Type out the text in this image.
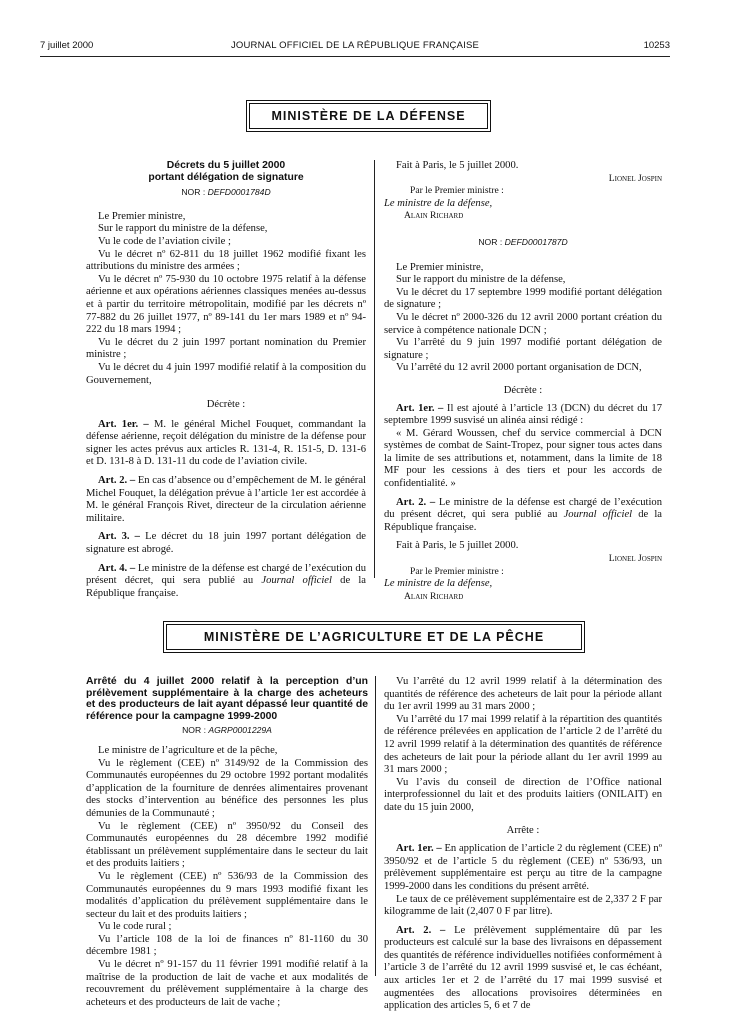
7 juillet 2000	JOURNAL OFFICIEL DE LA RÉPUBLIQUE FRANÇAISE	10253
MINISTÈRE DE LA DÉFENSE
Décrets du 5 juillet 2000
portant délégation de signature
NOR : DEFD0001784D

Le Premier ministre,

Sur le rapport du ministre de la défense,

Vu le code de l’aviation civile ;

Vu le décret nº 62-811 du 18 juillet 1962 modifié fixant les attributions du ministre des armées ;

Vu le décret nº 75-930 du 10 octobre 1975 relatif à la défense aérienne et aux opérations aériennes classiques menées au-dessus et à partir du territoire métropolitain, modifié par les décrets nº 77-882 du 26 juillet 1977, nº 89-141 du 1er mars 1989 et nº 94-222 du 18 mars 1994 ;

Vu le décret du 2 juin 1997 portant nomination du Premier ministre ;

Vu le décret du 4 juin 1997 modifié relatif à la composition du Gouvernement,

Décrète :

Art. 1er. – M. le général Michel Fouquet, commandant la défense aérienne, reçoit délégation du ministre de la défense pour signer les actes prévus aux articles R. 131-4, R. 151-5, D. 131-6 et D. 131-8 à D. 131-11 du code de l’aviation civile.

Art. 2. – En cas d’absence ou d’empêchement de M. le général Michel Fouquet, la délégation prévue à l’article 1er est accordée à M. le général François Rivet, directeur de la circulation aérienne militaire.

Art. 3. – Le décret du 18 juin 1997 portant délégation de signature est abrogé.

Art. 4. – Le ministre de la défense est chargé de l’exécution du présent décret, qui sera publié au Journal officiel de la République française.

Fait à Paris, le 5 juillet 2000.

Lionel Jospin

Par le Premier ministre :

Le ministre de la défense,

Alain Richard

NOR : DEFD0001787D

Le Premier ministre,

Sur le rapport du ministre de la défense,

Vu le décret du 17 septembre 1999 modifié portant délégation de signature ;

Vu le décret nº 2000-326 du 12 avril 2000 portant création du service à compétence nationale DCN ;

Vu l’arrêté du 9 juin 1997 modifié portant délégation de signature ;

Vu l’arrêté du 12 avril 2000 portant organisation de DCN,

Décrète :

Art. 1er. – Il est ajouté à l’article 13 (DCN) du décret du 17 septembre 1999 susvisé un alinéa ainsi rédigé :

« M. Gérard Woussen, chef du service commercial à DCN systèmes de combat de Saint-Tropez, pour signer tous actes dans la limite de ses attributions et, notamment, dans la limite de 18 MF pour les cessions à des tiers et pour les accords de confidentialité. »

Art. 2. – Le ministre de la défense est chargé de l’exécution du présent décret, qui sera publié au Journal officiel de la République française.

Fait à Paris, le 5 juillet 2000.

Lionel Jospin

Par le Premier ministre :

Le ministre de la défense,

Alain Richard

MINISTÈRE DE L’AGRICULTURE ET DE LA PÊCHE

Arrêté du 4 juillet 2000 relatif à la perception d’un prélèvement supplémentaire à la charge des acheteurs et des producteurs de lait ayant dépassé leur quantité de référence pour la campagne 1999-2000

NOR : AGRP0001229A

Le ministre de l’agriculture et de la pêche,

Vu le règlement (CEE) nº 3149/92 de la Commission des Communautés européennes du 29 octobre 1992 portant modalités d’application de la fourniture de denrées alimentaires provenant des stocks d’intervention au bénéfice des personnes les plus démunies de la Communauté ;

Vu le règlement (CEE) nº 3950/92 du Conseil des Communautés européennes du 28 décembre 1992 modifié établissant un prélèvement supplémentaire dans le secteur du lait et des produits laitiers ;

Vu le règlement (CEE) nº 536/93 de la Commission des Communautés européennes du 9 mars 1993 modifié fixant les modalités d’application du prélèvement supplémentaire dans le secteur du lait et des produits laitiers ;

Vu le code rural ;

Vu l’article 108 de la loi de finances nº 81-1160 du 30 décembre 1981 ;

Vu le décret nº 91-157 du 11 février 1991 modifié relatif à la maîtrise de la production de lait de vache et aux modalités de recouvrement du prélèvement supplémentaire à la charge des acheteurs et des producteurs de lait de vache ;

Vu l’arrêté du 12 avril 1999 relatif à la détermination des quantités de référence des acheteurs de lait pour la période allant du 1er avril 1999 au 31 mars 2000 ;

Vu l’arrêté du 17 mai 1999 relatif à la répartition des quantités de référence prélevées en application de l’article 2 de l’arrêté du 12 avril 1999 relatif à la détermination des quantités de référence des acheteurs de lait pour la période allant du 1er avril 1999 au 31 mars 2000 ;

Vu l’avis du conseil de direction de l’Office national interprofessionnel du lait et des produits laitiers (ONILAIT) en date du 15 juin 2000,

Arrête :

Art. 1er. – En application de l’article 2 du règlement (CEE) nº 3950/92 et de l’article 5 du règlement (CEE) nº 536/93, un prélèvement supplémentaire est perçu au titre de la campagne 1999-2000 dans les conditions du présent arrêté.

Le taux de ce prélèvement supplémentaire est de 2,337 2 F par kilogramme de lait (2,407 0 F par litre).

Art. 2. – Le prélèvement supplémentaire dû par les producteurs est calculé sur la base des livraisons en dépassement des quantités de référence individuelles notifiées conformément à l’article 3 de l’arrêté du 12 avril 1999 susvisé et, le cas échéant, aux articles 1er et 2 de l’arrêté du 17 mai 1999 susvisé et augmentées des allocations provisoires déterminées en application des articles 5, 6 et 7 de
